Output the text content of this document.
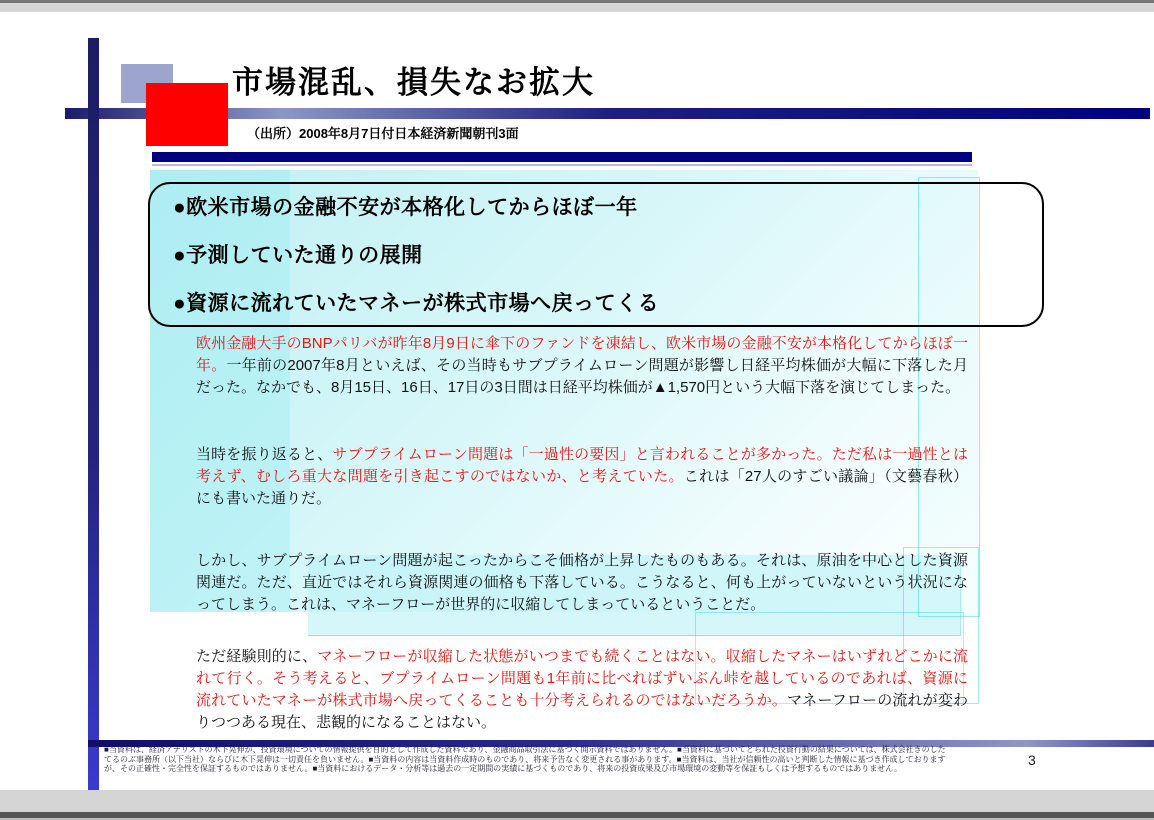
市場混乱、損失なお拡大
（出所）2008年8月7日付日本経済新聞朝刊3面
●欧米市場の金融不安が本格化してからほぼ一年
●予測していた通りの展開
●資源に流れていたマネーが株式市場へ戻ってくる
欧州金融大手のBNPパリバが昨年8月9日に傘下のファンドを凍結し、欧米市場の金融不安が本格化してからほぼ一年。一年前の2007年8月といえば、その当時もサブプライムローン問題が影響し日経平均株価が大幅に下落した月だった。なかでも、8月15日、16日、17日の3日間は日経平均株価が▲1,570円という大幅下落を演じてしまった。
当時を振り返ると、サブプライムローン問題は「一過性の要因」と言われることが多かった。ただ私は一過性とは考えず、むしろ重大な問題を引き起こすのではないか、と考えていた。これは「27人のすごい議論」（文藝春秋）にも書いた通りだ。
しかし、サブプライムローン問題が起こったからこそ価格が上昇したものもある。それは、原油を中心とした資源関連だ。ただ、直近ではそれら資源関連の価格も下落している。こうなると、何も上がっていないという状況になってしまう。これは、マネーフローが世界的に収縮してしまっているということだ。
ただ経験則的に、マネーフローが収縮した状態がいつまでも続くことはない。収縮したマネーはいずれどこかに流れて行く。そう考えると、ブプライムローン問題も1年前に比べればずいぶん峠を越しているのであれば、資源に流れていたマネーが株式市場へ戻ってくることも十分考えられるのではないだろうか。マネーフローの流れが変わりつつある現在、悲観的になることはない。
■当資料は、経済アナリストの木下晃伸が、投資環境についての情報提供を目的として作成した資料であり、金融商品取引法に基づく開示資料ではありません。■当資料に基づいてとられた投資行動の結果については、株式会社きのした
てるのぶ事務所（以下当社）ならびに木下晃伸は一切責任を負いません。■当資料の内容は当資料作成時のものであり、将来予告なく変更される事があります。■当資料は、当社が信頼性の高いと判断した情報に基づき作成しております
が、その正確性・完全性を保証するものではありません。■当資料におけるデータ・分析等は過去の一定期間の実績に基づくものであり、将来の投資成果及び市場環境の変動等を保証もしくは予想するものではありません。
3
